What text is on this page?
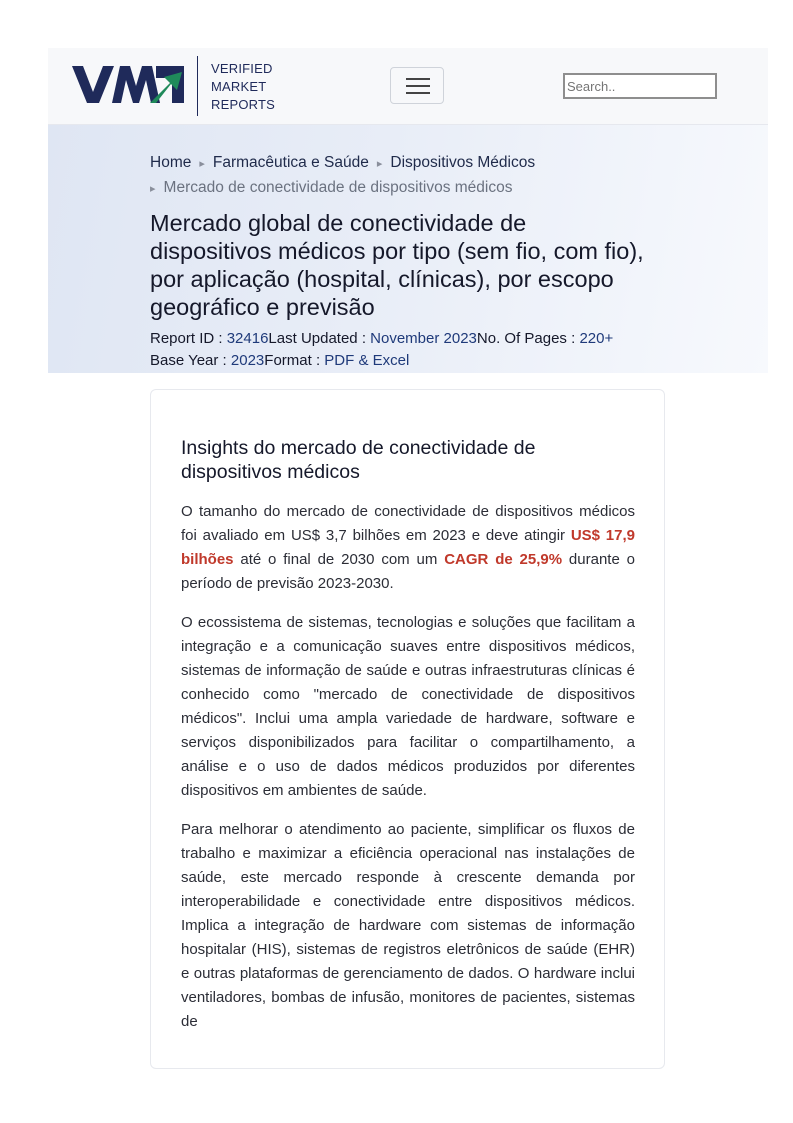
VERIFIED
MARKET
REPORTS
Search..
Home ▸ Farmacêutica e Saúde ▸ Dispositivos Médicos
▸ Mercado de conectividade de dispositivos médicos
Mercado global de conectividade de dispositivos médicos por tipo (sem fio, com fio), por aplicação (hospital, clínicas), por escopo geográfico e previsão
Report ID : 32416Last Updated : November 2023No. Of Pages : 220+
Base Year : 2023Format : PDF & Excel
Insights do mercado de conectividade de dispositivos médicos

O tamanho do mercado de conectividade de dispositivos médicos foi avaliado em US$ 3,7 bilhões em 2023 e deve atingir US$ 17,9 bilhões até o final de 2030 com um CAGR de 25,9% durante o período de previsão 2023-2030.

O ecossistema de sistemas, tecnologias e soluções que facilitam a integração e a comunicação suaves entre dispositivos médicos, sistemas de informação de saúde e outras infraestruturas clínicas é conhecido como "mercado de conectividade de dispositivos médicos". Inclui uma ampla variedade de hardware, software e serviços disponibilizados para facilitar o compartilhamento, a análise e o uso de dados médicos produzidos por diferentes dispositivos em ambientes de saúde.

Para melhorar o atendimento ao paciente, simplificar os fluxos de trabalho e maximizar a eficiência operacional nas instalações de saúde, este mercado responde à crescente demanda por interoperabilidade e conectividade entre dispositivos médicos. Implica a integração de hardware com sistemas de informação hospitalar (HIS), sistemas de registros eletrônicos de saúde (EHR) e outras plataformas de gerenciamento de dados. O hardware inclui ventiladores, bombas de infusão, monitores de pacientes, sistemas de
